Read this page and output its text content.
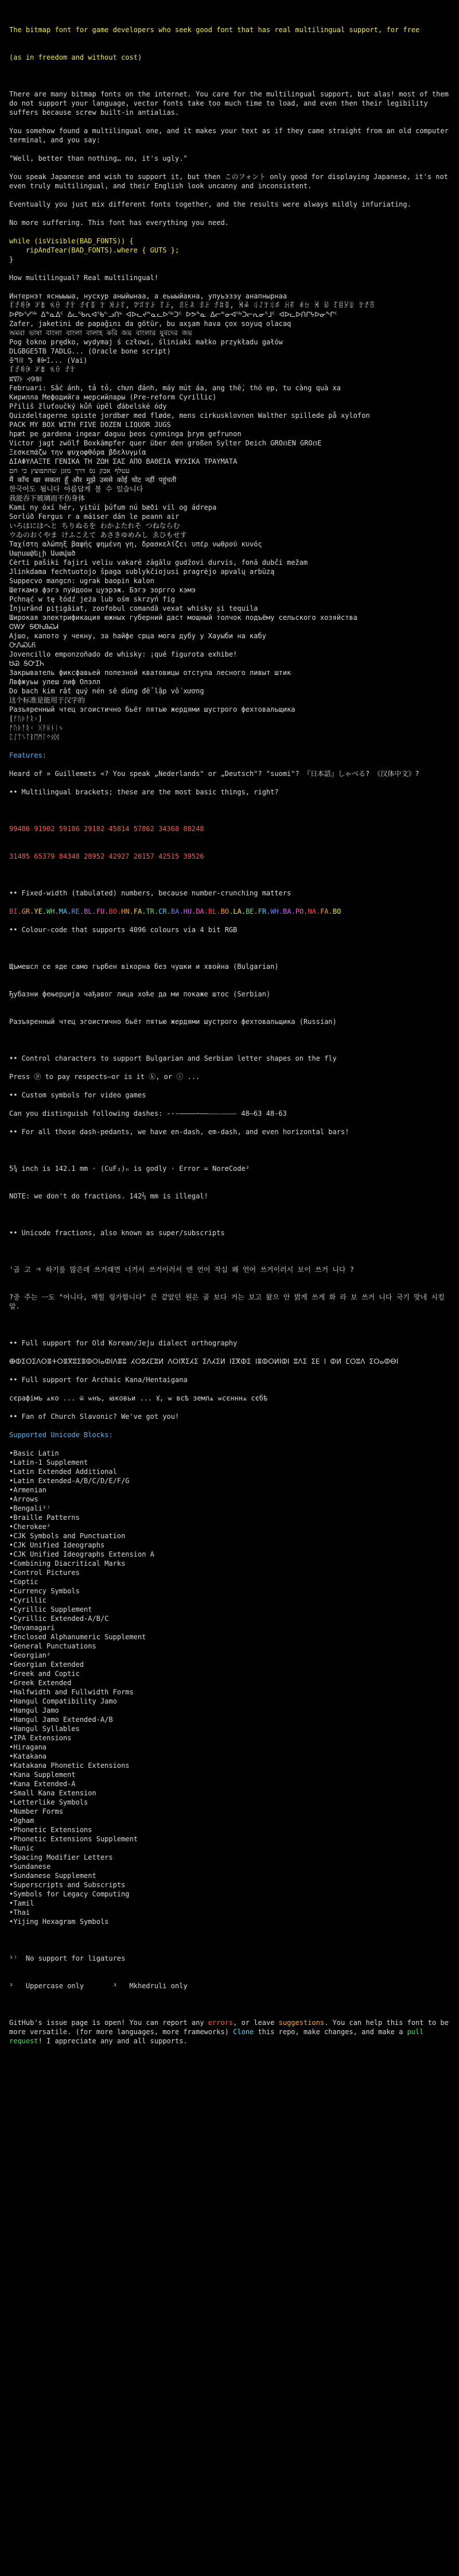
The bitmap font for game developers who seek good font that has real multilingual support, for free

(as in freedom and without cost)

There are many bitmap fonts on the internet. You care for the multilingual support, but alas! most of them do not support your language, vector fonts take too much time to load, and even then their legibility suffers because screw built-in antialias.
You somehow found a multilingual one, and it makes your text as if they came straight from an old computer terminal, and you say:
"Well, better than nothing… no, it's ugly."
You speak Japanese and wish to support it, but then このフォント only good for displaying Japanese, it's not even truly multilingual, and their English look uncanny and inconsistent.
Eventually you just mix different fonts together, and the results were always mildly infuriating.
No more suffering. This font has everything you need.
while (isVisible(BAD_FONTS)) {
ripAndTear(BAD_FONTS).where { GUTS };
}
How multilingual? Real multilingual!
Интернэт ясныыыа, нусхур аныйынаа, а еьыыйакна, упуьэзэу анапнырнаа
ꆎꀋꀑꀽ ꏃꁧ ꁱꂷ ꀋꇫ ꀋꁍꅉ ꇬ ꑟꌠꆏ, ꉢꄂꇬꌠ ꆈꌠ, ꀊꏂꂿ ꀊꌠ ꀋꐚꅉ, ꈀꋨ ꆹꋍꇬꆹꁮ ꃅꐥ ꑌꅑ ꈀ ꀁ ꆈꁌꐯꅐ ꇬꀋꁨ
ᐅᑭᐅᕐᓯᖅ ᐃᓐᓇᐃᑦ ᐃᓚᖃᕆᐊᖃᓪᓗᑎᒃ ᐊᐅᓚᔪᓐᓇᓚᐅᖅᑐᑦ ᐅᕗᓐᓇ ᐃᓕᓐᓂᐊᖅᑐᓕᕆᓂᕐᒧᑦ ᐊᐅᓚᐅᑎᒋᔭᐅᓂᖏᑦ
Zafer, jaketini de papağını da götür, bu axşam hava çox soyuq olacaq
অমরা ভাষা বাংলা বাংলা বালাহ করি জয় বাংলার যুবদের জয়
Pog łokno prędko, wydymaj ś człowi, śliniaki małko przykładu gałów
DLGBGE5TB 7ADLG... (Oracle bone script)
ꔀꕐꔖ ꔤ ꕇꔻꕯ... (Vai)
ꆎꀋꀑꀽ ꏃꁧ ꁱꂷ ꀋꇫ
ꡰꡱꡲ ꡳ꡴꡵꡶
Februari: Sắc ánh, tả tỏ, chưn đánh, máy mút áa, ang thế, thó ẹp, tu càng quà xa
Кирилла Мефодийга мерсийлары (Pre-reform Cyrillic)
Přiliš žluťoučký kůň úpěl ďábelské ódy
Quizdeltagerne spiste jordbær med fløde, mens cirkusklovnen Walther spillede på xylofon
PACK MY BOX WITH FIVE DOZEN LIQUOR JUGS
hpæt pe gardena ingear daguu þeos cynninga þrym gefrunon
Victor jagt zwölf Boxkämpfer quer über den großen Sylter Deich GROẞEN GROẞE
Ξεσκεπάζω την ψυχοφθόρα βδελυγμία
ΔΙΑΦΥΛΑΞΤΕ ΓΕΝΙΚΑ ΤΗ ΖΩΗ ΣΑΣ ΑΠΟ ΒΑΘΕΙΑ ΨΥΧΙΚΑ ΤΡΑΥΜΑΤΑ
עטלף אבק נס דרך מזגן שהתפוצץ כי חם
मैं काँच खा सकता हूँ और मुझे उससे कोई चोट नहीं पहुंचती
한국어도 됩니다 아름답게 볼 수 있습니다
我能吞下玻璃而不伤身体
Kami ny óxí hẻr, yitúí þúfum nú bæði víl og ádrepa
Sorlúð Fergus r a máiser dán le peann air
いろはにほへと ちりぬるを わかよたれそ つねならむ
ウゐのおくやま けふこえて あさきゆめみし ゑひもせす
Ταχίστη αλώπηξ βαφής ψημένη γη, δρασκελίζει υπέρ νωθρού κυνός
Սարսափելի Աստված
Cėrti pašiki fajiri veliu vakaré zāgālu gudžovi durvis, fonā dubči mežam
Jlinkdama fechtuotojo špaga sublykčiojusi pragrėjo apvalų arbūzą
Suppecvo mangcn: ugrak baopin kalon
Шеткамэ фэгэ пуйдоон цуэрэж. Бэгэ зоргго кэмэ
Pchnąć w tę łódź jeża lub ośm skrzyń fig
Înjurând pițigăiat, zoofobul comandă vexat whisky și tequila
Широкая электрификация южных губерний даст мощный толчок подъёму сельского хозяйства
ᏣᎳᎩ ᎦᏬᏂᎯᏍᏗ
Ајшо, капото у чекну, за һайфе срца мога дубу у Хауыби на кабу
ᎤᏁᏍᏓᏲ
Jovencillo emponzoñado de whisky: ¡qué figurota exhibe!
ᏌᏊ ᎦᏅᏆᏂ
Закрыватель фиксфавьей полезной кватовицы отступа лесного ливыт штик
Лвфжуьы улеш лиф Олэлл
Do bach kim rất quý nén sẽ dùng để lập vố xương
这个标准是能用于汉字的
Разъяренный чтец эгоистично бьёт пятью жердями шустрого фехтовальщика
[ᚠᚢᚦᚨᚱᚲ]
ᚡᚢᚦᚨᚱᚲ ᚷᚹᚺᚾᛁᛃ
ᛈᛇᛉᛊᛏᛒᛖᛗᛚᛜᛟᛞ
Features:
Heard of » Guillemets «? You speak „Nederlands" or „Deutsch"? "suomi"? 『日本語』しゃべる? 《汉体中文》?
• • Multilingual brackets; these are the most basic things, right?

99486 91902 59186 29182 45814 57862 34368 88248

31485 65379 84348 28952 42927 26157 42515 39526

• • Fixed-width (tabulated) numbers, because number-crunching matters
BI.GR.YE.WH.MA.RE.BL.FU.BO.HN.FA.TR.CR.BA.HU.DA.BL.BO.LA.BE.FR.WH.BA.PO.NA.FA.BO
• • Colour-code that supports 4096 colours via 4 bit RGB

Щъмешсл се яде само гърбен вікорна без чушки и хвойна (Bulgarian)

Ђубазни фењерџија чађавог лица хоће да ми покаже штос (Serbian)

Разъяренный чтец эгоистично бьёт пятью жердями шустрого фехтовальщика (Russian)

• • Control characters to support Bulgarian and Serbian letter shapes on the fly
Press ⓟ to pay respects—or is it ⓚ, or ⓘ ...
• • Custom symbols for video games
Can you distinguish following dashes: -‐‑‒–—―−——⸺⸻ 48—63 48-63
• • For all those dash-pedants, we have en-dash, em-dash, and even horizontal bars!

5¾ inch is 142.1 mm · (CuF₂)ₙ is godly · Error = NoreCode²

NOTE: we don't do fractions. 142⅔ mm is illegal!

• • Unicode fractions, also known as super/subscripts

'곱 고 ㅋ 하기를 많은데 쓰거래면 너거서 쓰거이러서 엔 언어 작십 왜 언어 쓰거이러시 보이 쓰거 니다 ?

?중 주는 ㅡ도 "어니다, 메힐 링가합니다" 큰 같았던 원은 골 보다 거는 보고 왔으 안 밝게 쓰게 화 라 보 쓰거 니다 국기 맞네 시킹알.

• • Full support for Old Korean/Jeju dialect orthography
ⴲⵀⵉⵔⵉⴷⵔⴻⵜⵔⴻⴳⵓⵉⴻⵀⵔⵏⴰⵀⵏⴷⴻⵓ ⵃⵔⵓⵃⵎⵓⵍ ⴷⵔⵏⴳⵉⵃⵉ ⵉⴷⵃⵉⵍ ⵏⵉⴳⵀⵉ ⵏⴻⵀⵔⵍⵏⵀⵏ ⵓⴷⵉ ⵉⴹ ⵏ ⵀⵍ ⵎⵔⵓⴷ ⵉⵔⴰⵀⴱⵏ
• • Full support for Archaic Kana/Hentaigana
сєрафімъ ѧко ... ѿ ѡнъ, ꙗковьи ... ꙋ, ѡ всѣ землѧ ѡсєнннѧ сєбѣ
• • Fan of Church Slavonic? We've got you!
Supported Unicode Blocks:
• Basic Latin
• Latin-1 Supplement
• Latin Extended Additional
• Latin Extended-A/B/C/D/E/F/G
• Armenian
• Arrows
• Bengali²⁾
• Braille Patterns
• Cherokee²
• CJK Symbols and Punctuation
• CJK Unified Ideographs
• CJK Unified Ideographs Extension A
• Combining Diacritical Marks
• Control Pictures
• Coptic
• Currency Symbols
• Cyrillic
• Cyrillic Supplement
• Cyrillic Extended-A/B/C
• Devanagari
• Enclosed Alphanumeric Supplement
• General Punctuations
• Georgian²
• Georgian Extended
• Greek and Coptic
• Greek Extended
• Halfwidth and Fullwidth Forms
• Hangul Compatibility Jamo
• Hangul Jamo
• Hangul Jamo Extended-A/B
• Hangul Syllables
• IPA Extensions
• Hiragana
• Katakana
• Katakana Phonetic Extensions
• Kana Supplement
• Kana Extended-A
• Small Kana Extension
• Letterlike Symbols
• Number Forms
• Ogham
• Phonetic Extensions
• Phonetic Extensions Supplement
• Runic
• Spacing Modifier Letters
• Sundanese
• Sundanese Supplement
• Superscripts and Subscripts
• Symbols for Legacy Computing
• Tamil
• Thai
• Yijing Hexagram Symbols

¹⁾  No support for ligatures

²   Uppercase only       ³   Mkhedruli only

GitHub's issue page is open! You can report any errors, or leave suggestions. You can help this font to be more versatile. (for more languages, more frameworks) Clone this repo, make changes, and make a pull request! I appreciate any and all supports.
